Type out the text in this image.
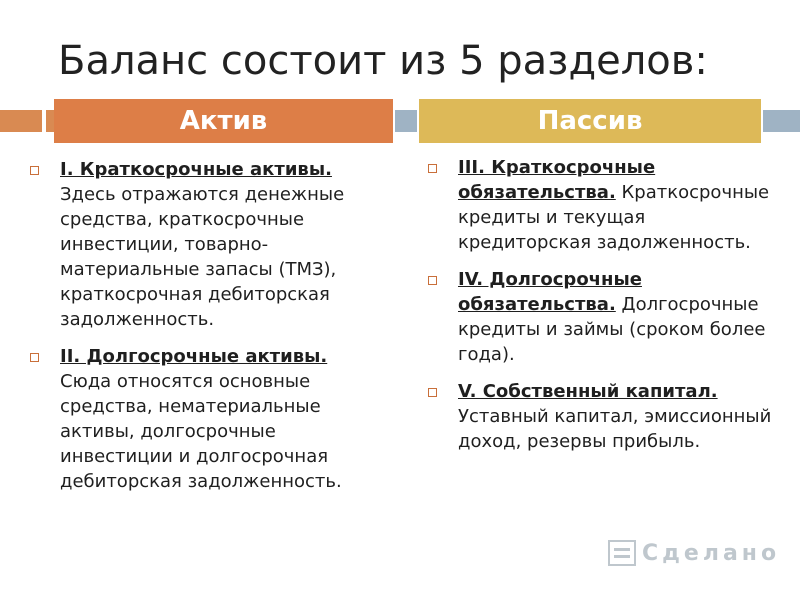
Баланс состоит из 5 разделов:
Актив	Пассив
I. Краткосрочные активы. Здесь отражаются денежные средства, краткосрочные инвестиции, товарно-материальные запасы (ТМЗ), краткосрочная дебиторская задолженность.
II. Долгосрочные активы. Сюда относятся основные средства, нематериальные активы, долгосрочные инвестиции и долгосрочная дебиторская задолженность.
III. Краткосрочные обязательства. Краткосрочные кредиты и текущая кредиторская задолженность.
IV. Долгосрочные обязательства. Долгосрочные кредиты и займы (сроком более года).
V. Собственный капитал. Уставный капитал, эмиссионный доход, резервы прибыль.
Сделано
